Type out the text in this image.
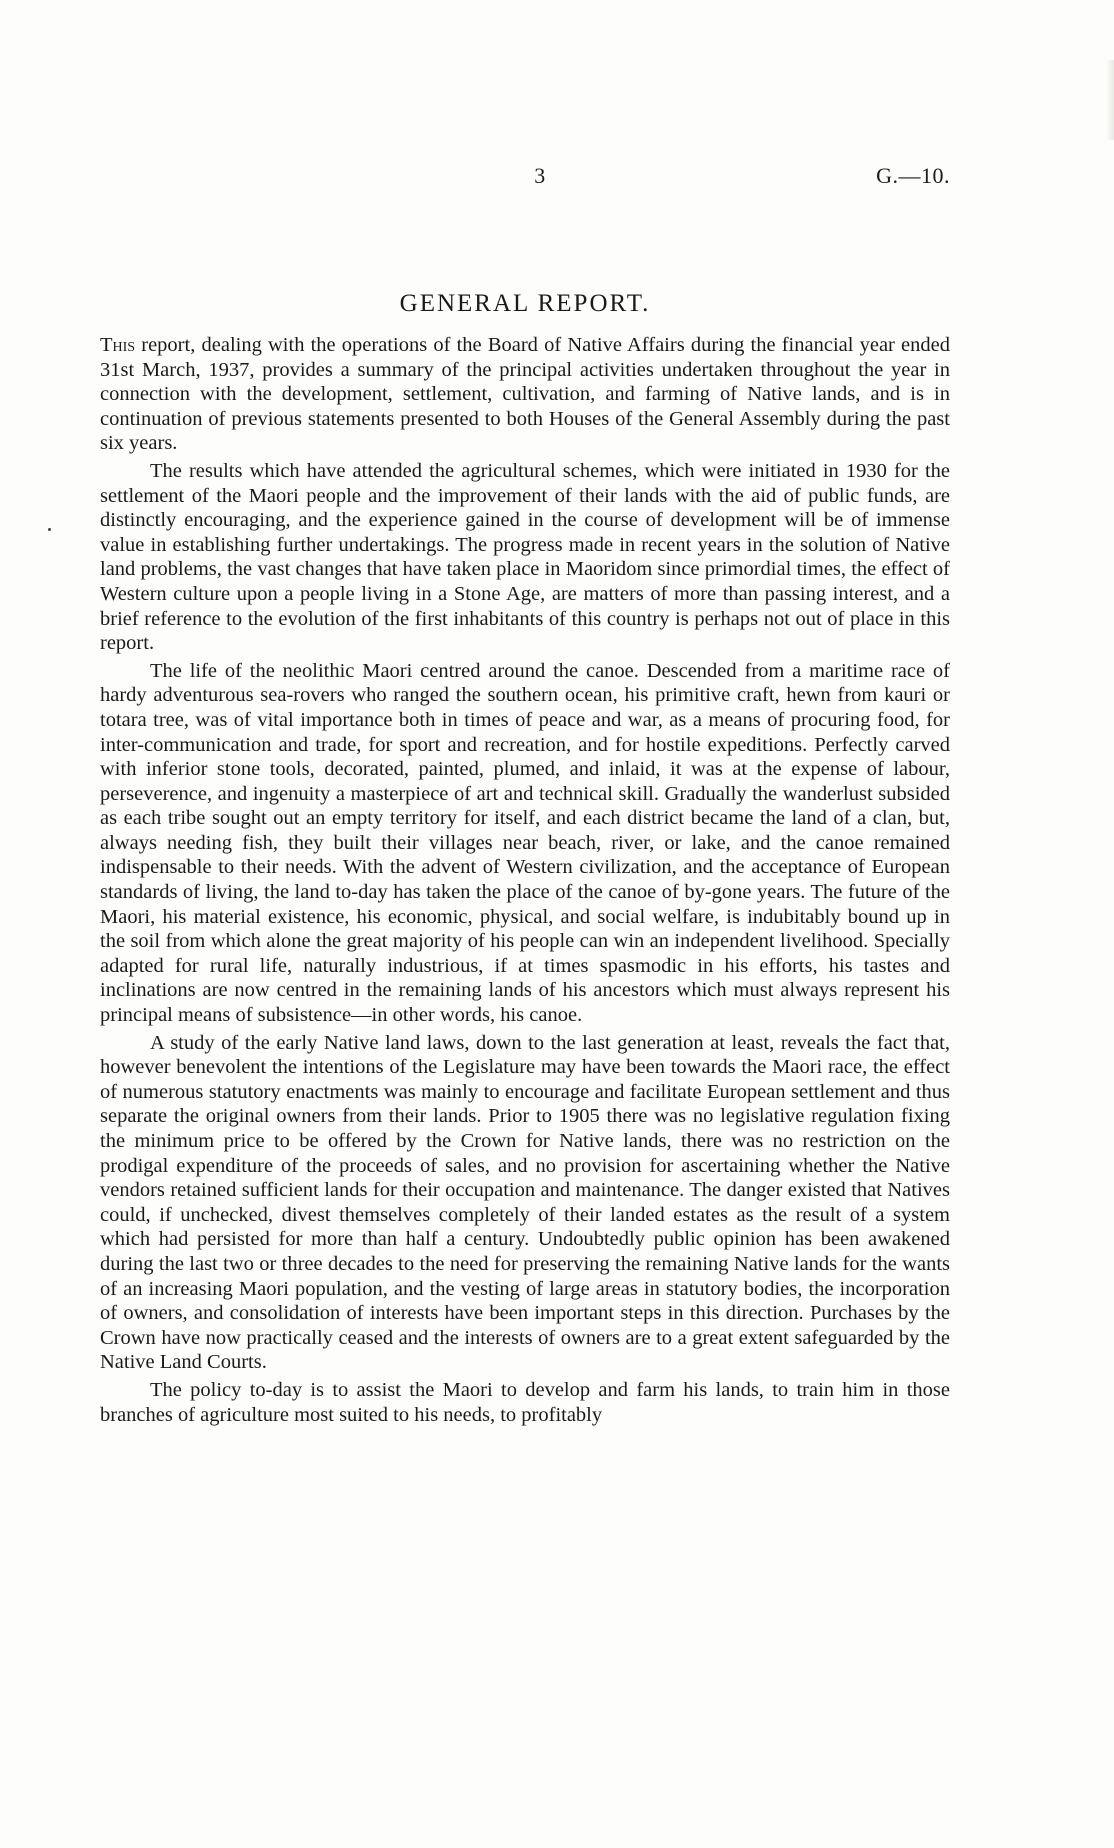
3	G.—10.
GENERAL REPORT.

This report, dealing with the operations of the Board of Native Affairs during the financial year ended 31st March, 1937, provides a summary of the principal activities undertaken throughout the year in connection with the development, settlement, cultivation, and farming of Native lands, and is in continuation of previous statements presented to both Houses of the General Assembly during the past six years.

The results which have attended the agricultural schemes, which were initiated in 1930 for the settlement of the Maori people and the improvement of their lands with the aid of public funds, are distinctly encouraging, and the experience gained in the course of development will be of immense value in establishing further undertakings. The progress made in recent years in the solution of Native land problems, the vast changes that have taken place in Maoridom since primordial times, the effect of Western culture upon a people living in a Stone Age, are matters of more than passing interest, and a brief reference to the evolution of the first inhabitants of this country is perhaps not out of place in this report.

The life of the neolithic Maori centred around the canoe. Descended from a maritime race of hardy adventurous sea-rovers who ranged the southern ocean, his primitive craft, hewn from kauri or totara tree, was of vital importance both in times of peace and war, as a means of procuring food, for inter-communication and trade, for sport and recreation, and for hostile expeditions. Perfectly carved with inferior stone tools, decorated, painted, plumed, and inlaid, it was at the expense of labour, perseverence, and ingenuity a masterpiece of art and technical skill. Gradually the wanderlust subsided as each tribe sought out an empty territory for itself, and each district became the land of a clan, but, always needing fish, they built their villages near beach, river, or lake, and the canoe remained indispensable to their needs. With the advent of Western civilization, and the acceptance of European standards of living, the land to-day has taken the place of the canoe of by-gone years. The future of the Maori, his material existence, his economic, physical, and social welfare, is indubitably bound up in the soil from which alone the great majority of his people can win an independent livelihood. Specially adapted for rural life, naturally industrious, if at times spasmodic in his efforts, his tastes and inclinations are now centred in the remaining lands of his ancestors which must always represent his principal means of subsistence—in other words, his canoe.

A study of the early Native land laws, down to the last generation at least, reveals the fact that, however benevolent the intentions of the Legislature may have been towards the Maori race, the effect of numerous statutory enactments was mainly to encourage and facilitate European settlement and thus separate the original owners from their lands. Prior to 1905 there was no legislative regulation fixing the minimum price to be offered by the Crown for Native lands, there was no restriction on the prodigal expenditure of the proceeds of sales, and no provision for ascertaining whether the Native vendors retained sufficient lands for their occupation and maintenance. The danger existed that Natives could, if unchecked, divest themselves completely of their landed estates as the result of a system which had persisted for more than half a century. Undoubtedly public opinion has been awakened during the last two or three decades to the need for preserving the remaining Native lands for the wants of an increasing Maori population, and the vesting of large areas in statutory bodies, the incorporation of owners, and consolidation of interests have been important steps in this direction. Purchases by the Crown have now practically ceased and the interests of owners are to a great extent safeguarded by the Native Land Courts.

The policy to-day is to assist the Maori to develop and farm his lands, to train him in those branches of agriculture most suited to his needs, to profitably
